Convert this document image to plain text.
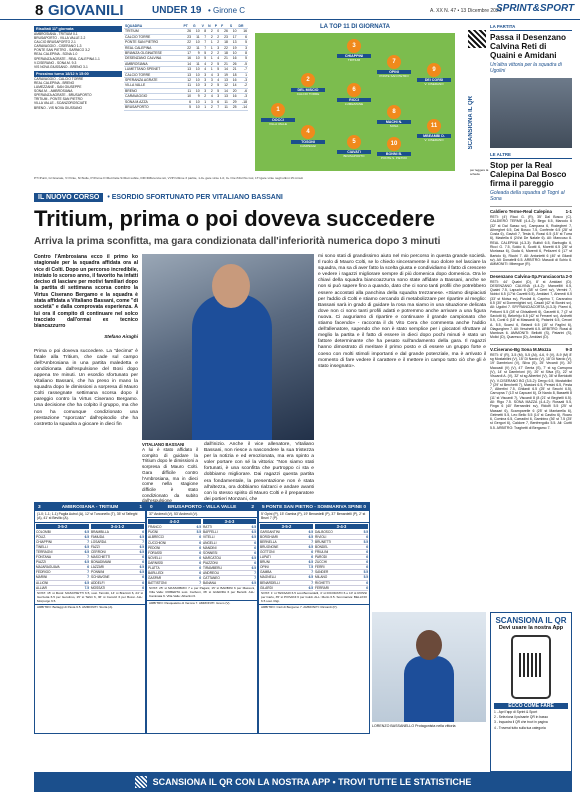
8 GIOVANILI	UNDER 19 • Girone C	A. XX N. 47 • 13 Dicembre 2021
SPRINT&SPORT
Risultati 11ª giornata
AMBROSIANA - TRITIUM 0-1
BRUSAPORTO - VILLA VALLE 2-2
CALCIO BRUSAPORTO 2-1
CARAVAGGIO - CISERANO 1-3
PONTE SAN PIETRO - SARNICO 3-2
REAL CALEPINA - SONA 1-0
SPERANZA AGRATE - REAL CALEPINA 1-1
V.CISERANO - SONA M. 9-3
VIS NOVA GIUSSANO - BRENO 3-1
Prossimo turno 18/12 h 15:00
CARAVAGGIO - CALCIO TORRE
REAL CALEPINA - BRENO
LUMEZZANE - SAN GIUSEPPE
SONA M. - AMBROSIANA
SPERANZA AGRATE - BRUSAPORTO
TRITIUM - PONTE SAN PIETRO
VILLA VALLE - SCANZOROSCIATE
BRENO - VIS NOVA GIUSSANO
SQUADRA	PT	G	V	N	P	F	S	DR
TRITIUM	26	10	8	2	0	26	10	16
CALCIO TORRE	23	11	7	2	2	23	17	6
PONTE SAN PIETRO	22	10	7	1	2	18	13	5
REAL CALEPINA	22	11	7	1	3	22	19	3
BRIANZA OLGINATESE	17	9	5	2	2	18	10	8
DESENZANO CALVINA	16	10	5	1	4	21	16	5
AMBROSIANA	14	11	4	2	5	21	26	-5
LUMETTANO SPENET	13	10	4	1	5	14	21	-7
CALCIO TORRE	13	10	3	4	3	19	18	1
SPERANZA AGRATE	12	10	3	3	4	13	16	-3
VILLA VALLE	11	10	3	2	5	12	14	-2
BRENO	11	10	3	2	5	14	20	-6
CARAVAGGIO	10	9	2	4	3	13	16	-3
SONA M.AZZA	6	10	1	3	6	11	29	-18
BRUSAPORTO	5	10	1	2	7	11	25	-14
LA TOP 11 DI GIORNATA
1
DOCCI
VILLA VALLE
2
DEL MISCIO
CALCIO TORRE
3
CHIAPPINI
TRITIUM
4
TOSONI
CAMPEGGI
5
CIAVATI
BRUSAPORTO
6
RICCI
LUMEZZANE
7
OPINI
PONTE SAN PIETRO
8
MACHI N.
SONA
9
DEI CORSI
V. CISERANO
10
BONNI B.
PONTE S. PIETRO
11
MBEAMBI D.
V. CISERANO	SCANSIONA IL QR
per leggere la scheda
LA PARTITA
Passa il Desenzano Calvina Reti di Quaini e Amidani
Un'altra vittoria per la squadra di Ugolini
LE ALTRE
Stop per la Real Calepina Dal Bosco firma il pareggio
Goleada della squadra di Tognì al Sona
Caldiero Terme-Real Calepina	1-1
RETI: (4') Ricci G. (R), 35' Dal Bosco (C). CALDIERO TERME (4-4-2): Bego 6.5, Marcolo 6 (32' st Dal Sasso sv), Campana 6, Rodegheri 7, Alhreghet 6.5, Dal Bosco 7.5, Confente 6.5 (28' st Costa 6), Gavioli 7, Testa 6, Rossi 6.5 (15' st Turra 6), Mastella 6 (24'st De Natale 6). All: Mancuso 6. REAL CALEPINA (4-3-3): Bulfoli 6.5, Barbuglio 6, Ricci G. 7.5, Soldo 6, Scotti 6, Moretti 6.5 (28' st Moriassa 6), Duda 6, Marenti 6, Pelizzeri 6 (17' st Bartolo 6), Ricchi 7. All: Antonietti 6 (40' st Gilardi sv). All: Donatelli 6.5. ARBITRO: Mascoli di Schio 6. AMMONITI: Mbengue (R).
Desenzano Calvina-Sp.Franciacorta 2-0
RETI: 44' Quaini (D), 8' st Amidani (D). DESENZANO CALVINA (4-4-2): Mancelliti 6.5, Quaini 7.5, Lapuchi 6 (38' st Cerri sv), Vernini 7, Nobici 6.5 (17'st Cazetti 6.5), Amidani 7, Ahmedi 6.5 (33' st Moisa sv), Pizolati 6, Caprino 7, Caranzino 6.5 (30' st Domenighini sv), Casali (42' st Bonini sv). All: Ugolini 7. SP.FRANCIACORTA (4-3-3): Pizeni 6, Pettorni 5.5 (28' st Ghisalberti 6), Garzetti 6, 7 (2' st Saviotti 6), Bekehiju 6.5 (42' st Ferrarel sv), Archetti 5.5, Conti 6 (18' st Massardi 6), Patarini 6.5, Ceroni A. 5.5, Scarsi 6, Belardi 6.5 (15' st Faglini 6), Olagunghen 7. All: Veschetti 6.5. ARBITRO: Rossi di Mantova 6. AMMONITI: Bellotti (S), Patarini (S), Molici (D), Quaresco (D), Amidani (D).
V.Ciserano-Bg Sona M.Mozza	9-3
RETI: 6' (R), 3-5 (M), 5-5 (Al), 4-6, 9 (V), 8-9 (M) 8' sg Mostabilini (V), 15' Di Nardo (V), 18' Di Nardo (V), 19' Dambrioni (V), Silva (S), 25' Vecardi (V), 30' Maccadi (V) (V), 47' Genta (S), 7' st sg Carrupna (V), 14' st Dambrioni (V), 20' st Silva (S), 22' st Viscardi A. (V), 32' st sg Albertini (V), 36' st Bertolotti (V). V.CISERANO BG (3-5-2): Dergo 6.5, Mostabilini 7 (29' st Berchetti 7), Mastoni 6.5, Persini 6.5, Festa 7, Albertini 7.5, Ghilardi 6.5 (25' st Secchi 6.5), Carrupna 7 (13' st Capuani 6), Di Nardo 8, Bassetti 8 (11' st Viscardi 7), Viscardi 8 (8 (21' st Beghelli 6.5). All: Rigo 7.5. SONA MAZZA (4-4-2): Rossati 5.5, Finga 6 (40' Bernardini sv), Ridolfi 5.5 (25' st Massari 6), Scarnparelle 6 (25' st Mantarella 6), Gelmetti 5.5, Leo Bello 5.5 (14' st Castiro 6), Roaro 6, Comina 6.5, Carradini 6, Gambino (36' st 7.5 (25' st Gergori 6), Caldore 7, Benfrergollo 5.5. All: Curtti 5.5. ARBITRO: Traghetti di Bergamo 7.
PT=Punti, G=Giocate, V=Vinte, N=Nulle, P=Perse F=Reti fatte S=Reti subite, DR=Differenza reti, VVP=Ultime 3 partite, 1-0+ gare vinte 1-0, 0+ Ore:/NG=No Gol, 1T=gare vinte negli ultimi 15 minuti
IL NUOVO CORSO	• ESORDIO SFORTUNATO PER VITALIANO BASSANI
Tritium, prima o poi doveva succedere
Arriva la prima sconfitta, ma gara condizionata dall'inferiorità numerica dopo 3 minuti
Contro l'Ambrosiana ecco il primo ko stagionale per la squadra affidata ora al vice di Colti. Dopo un percorso incredibile, iniziato lo scorso anno, il favorito ha infatti deciso di lasciare per motivi familiari dopo la partita di settimana scorsa contro la Virtus Ciserano Bergamo e la squadra è stata affidata a Vitaliano Bassani, come "di società" e dalla comprovata esperienza. A lui ora il compito di continuare nel solco tracciato dall'ormai ex tecnico biancazzurro
Stefano Airaghi
Prima o poi doveva succedere. La "decima" è fatale alla Tritium, che cade sul campo dell'Ambrosiana in una partita maledetta e condizionata dall'espulsione del Bosi dopo appena tre minuti. Un esordio sfortunato per Vitaliano Bassani, che ha preso in mano la squadra dopo le dimissioni a sorpresa di Mauro Colti rassegnate settimana scorsa dopo il pareggio contro la Virtus Ciserano Bergamo. Una decisione che ha colpito il gruppo, ma che non ha comunque condizionato una prestazione "sporcata" dall'episodio che ha costretto la squadra a giocare in dieci fin
VITALIANO BASSANI
A lui è stato affidato il compito di guidare la Tritium dopo le dimissioni a sorpresa di Mauro Colti. Gara difficile contro l'Ambrosiana, ma in dieci come nella stagione difficile è stato condizionato da subito dall'espulsione
dall'inizio. Anche il vice allenatore, Vitaliano Bassani, non riesce a nascondere la sua tristezza per la notizia e ed emozionata, ma era spinto a voler portare con sé la vittoria: "Non siamo stati fortunati, è una sconfitta che purtroppo ci sta e dobbiamo migliorare. Dai ragazzi questa partita era fondamentale, la presentazione non è stata all'altezza, ora dobbiamo rialzarci e andare avanti con lo stesso spirito di Mauro Colti e il preparatore dei portieri Monzani, che
mi sono stati di grandissimo aiuto nel mio percorso in questa grande società. Il ruolo di Mauro Colti, se lo chiedo sinceramente il suo dolore nel lasciare la squadra, ma sa di aver fatto la scelta giusta e condividiamo il fatto di crescere e vedere i ragazzi migliorare sempre di più domenica dopo domenica. Ora le chiavi della squadra biancoazzurra sono state affidate a Bassani, anche se non si può sapere fino a quando, dato che ci sono tanti profili che potrebbero essere accostati alla panchina della squadra trezzanese. «Siamo dispiaciuti per l'addio di Colti e stiamo cercando di metabolizzare per ripartire al meglio: Bassani sarà in grado di guidare la rosa ma siamo in una situazione delicata dove non ci sono tanti profili adatti e potremmo anche arrivare a una figura nuova. Ci auguriamo di ripartire e continuare il grande campionato che stiamo facendo» - racconta il ds Vito Cera che commenta anche l'addio dell'allenatore, sapendo che non è stato semplice per i giocatori sfruttare al meglio la partita e il fatto di essere in dieci dopo pochi minuti è stato un fattore determinante che ha pesato sull'andamento della gara. Il ragazzi hanno dimostrato di meritare il primo posto e di essere un gruppo forte e coeso con molti stimoli importanti e dal grande potenziale, ma è arrivato il momento di fare vedere il carattere e il mettere in campo tutto ciò che gli è stato insegnato».
3	AMBROSIANA - TRITIUM	1
(1-0; 1-1; 1-1) Paglia Autrol (A), 12' st Turconello (T), 35' st Tafieghi (A), 41' st Bevilio (A).
3-5-2
COLOMBI	6.5
POLIZ.	6.5
CHIAPPINI	7
TINELLI	6.5
TERRAGNI	6.5
FONTANA	7
PIAZZI	6.5
MAJARAGUAVA	6
FEDRIGO	7
MARINI	7
ALLIONI	6.5
ALLIAR	7.5
3-4-1-2
BRAMBILLA	6
FAMUDA	6.5
LOSARDA	7
FAZZI	6.5
CERRONI	6.5
MASCHIETTI	6
BONADIMANI	6
LAZZARI	6.5
PONNINI	6.5
SCHIAVONE	6
ADDELFI	6
MOSSATI	6
SOST. 15' st Mosti: MASCHIETTI 6.5, sost. Tarmitti, 14' st Brazzoli 6, 24' st Guzzetta 6.5 per Gerolimo, 15' st Tahiri 6, 36' st Carozzi 6 per Bossi. ALL: Morpurgo 6.5.
ARBITRO: Bellaggi di Pavia 6.5. AMMONITI: Sturla (A).
0	BRUSAPORTO - VILLA VALLE	2
37' Andreoli (V), 53' Andreoli (V).
4-4-2
FRANCO	6.5
PUGNI	5.5
ALBRECCI	6
CUCCHIONI	6
PEDONI	6
FORASSI	6
NOVELLI	6
DARNISSI	6
PLATTA	6
BARLLEDI	6
GASPAR	6
BATTISTONI	7
3-4-3
RATTI	6.5
BAFFELLI	6.5
VITELLI	6.5
ANGELLI	6
MANDINI	6
SONNESI	6
MARCATOLI	6.5
PIAZZONI	6
TIRAMBERLI	6.5
ANDREOLI	7
CATTANEO	7
BANANA	6.5
SOST. 25' st MASSOBRIO 7 e per Pagani, 15' st BARBINI 6 per Massoni, Villa Valle: ROBERTA sost. Carboni, 36' st GUERRA 6 per Bertolli. ALL: Caminata 6. Villa Valle: Albertini 6.
ARBITRO: Pasqualetto di Verona 7. AMMONITI: Greco (V).
5 PONTE SAN PIETRO - SOMMARIVA SPINE 0
5' Opini (P), 15' Gamba (P), 19' Benardelli (P), 37' Benardelli (P), 2' st Bruni 7 (P).
3-5-2
GARGANTINI	6.5
BORGHIARI	6.5
BERNELLA	7
BRUGNONE	6.5
GOTTONI	6
LUPATI	6
BRUNI	6.5
OPINI	7.5
GAMBA	7
MAGNELLI	6.5
BENARDELLI	7
GILARDI	6.5
3-4-3
DALBOSCO	5.5
RIVIOLI	6
BRUNETTI	5.5
BONDEL	6
FRIULINI	6
PARODI	6
ZUCCHI	6
FERRI	6
SANDER	5.5
MILANO	5.5
RIGHETTI	6
FERRARI	6
SOST. 1' st TESSARI 6.5 sost.Bernardelli, 4' st DICORATO 6 e 10' st ROSSI per Carlo, 35' st PIOVANI 6 per Guldi. ALL: Merlo 6.5. Sommariva: BELLINO 6.5 sost. Rigi.
ARBITRO: Cioli di Bergamo 7. AMMONITI: Riccardi (P).
LORENZO BASSANELLO Protagonista nella vittoria
SCANSIONA IL QR
Devi usare la nostra App
ECCO COME FARE
1 - Apri l'app di Sprint & Sport
2 - Seleziona il pulsante QR in basso
3 - Inquadra il QR che trovi in pagina
4 - Troverai tutto sulla tua categoria
SCANSIONA IL QR CON LA NOSTRA APP • TROVI TUTTE LE STATISTICHE
